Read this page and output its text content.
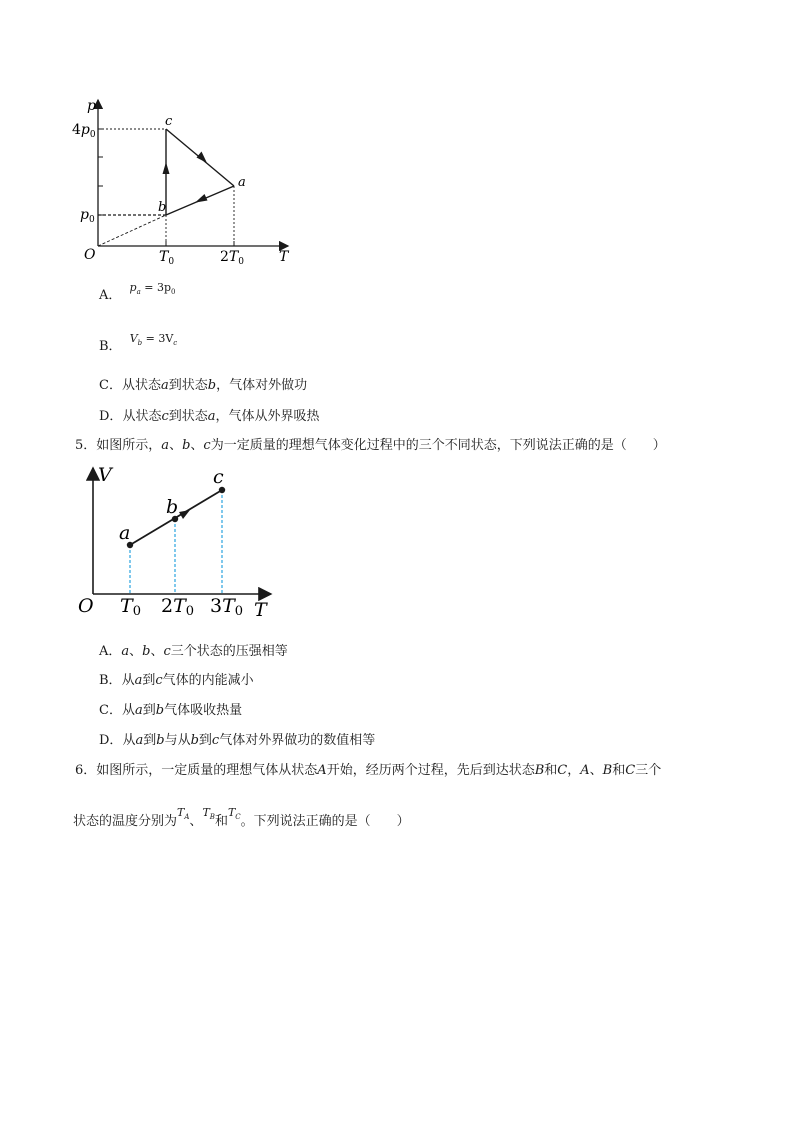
p
T
O
$4p_0$
$p_0$
$T_0$	$2T_0$
c
a
b
A． $^{p_a = 3p_0}$
B． $^{V_b = 3V_c}$
C．从状态a到状态b，气体对外做功
D．从状态c到状态a，气体从外界吸热
5．如图所示，a、b、c为一定质量的理想气体变化过程中的三个不同状态，下列说法正确的是（　　）
V
T
O T0 2T0 3T0
a
b
c
A．a、b、c三个状态的压强相等
B．从a到c气体的内能减小
C．从a到b气体吸收热量
D．从a到b与从b到c气体对外界做功的数值相等
6．如图所示，一定质量的理想气体从状态A开始，经历两个过程，先后到达状态B和C，A、B和C三个
状态的温度分别为$^{T_A}$、$^{T_B}$和$^{T_C}$。下列说法正确的是（　　）
